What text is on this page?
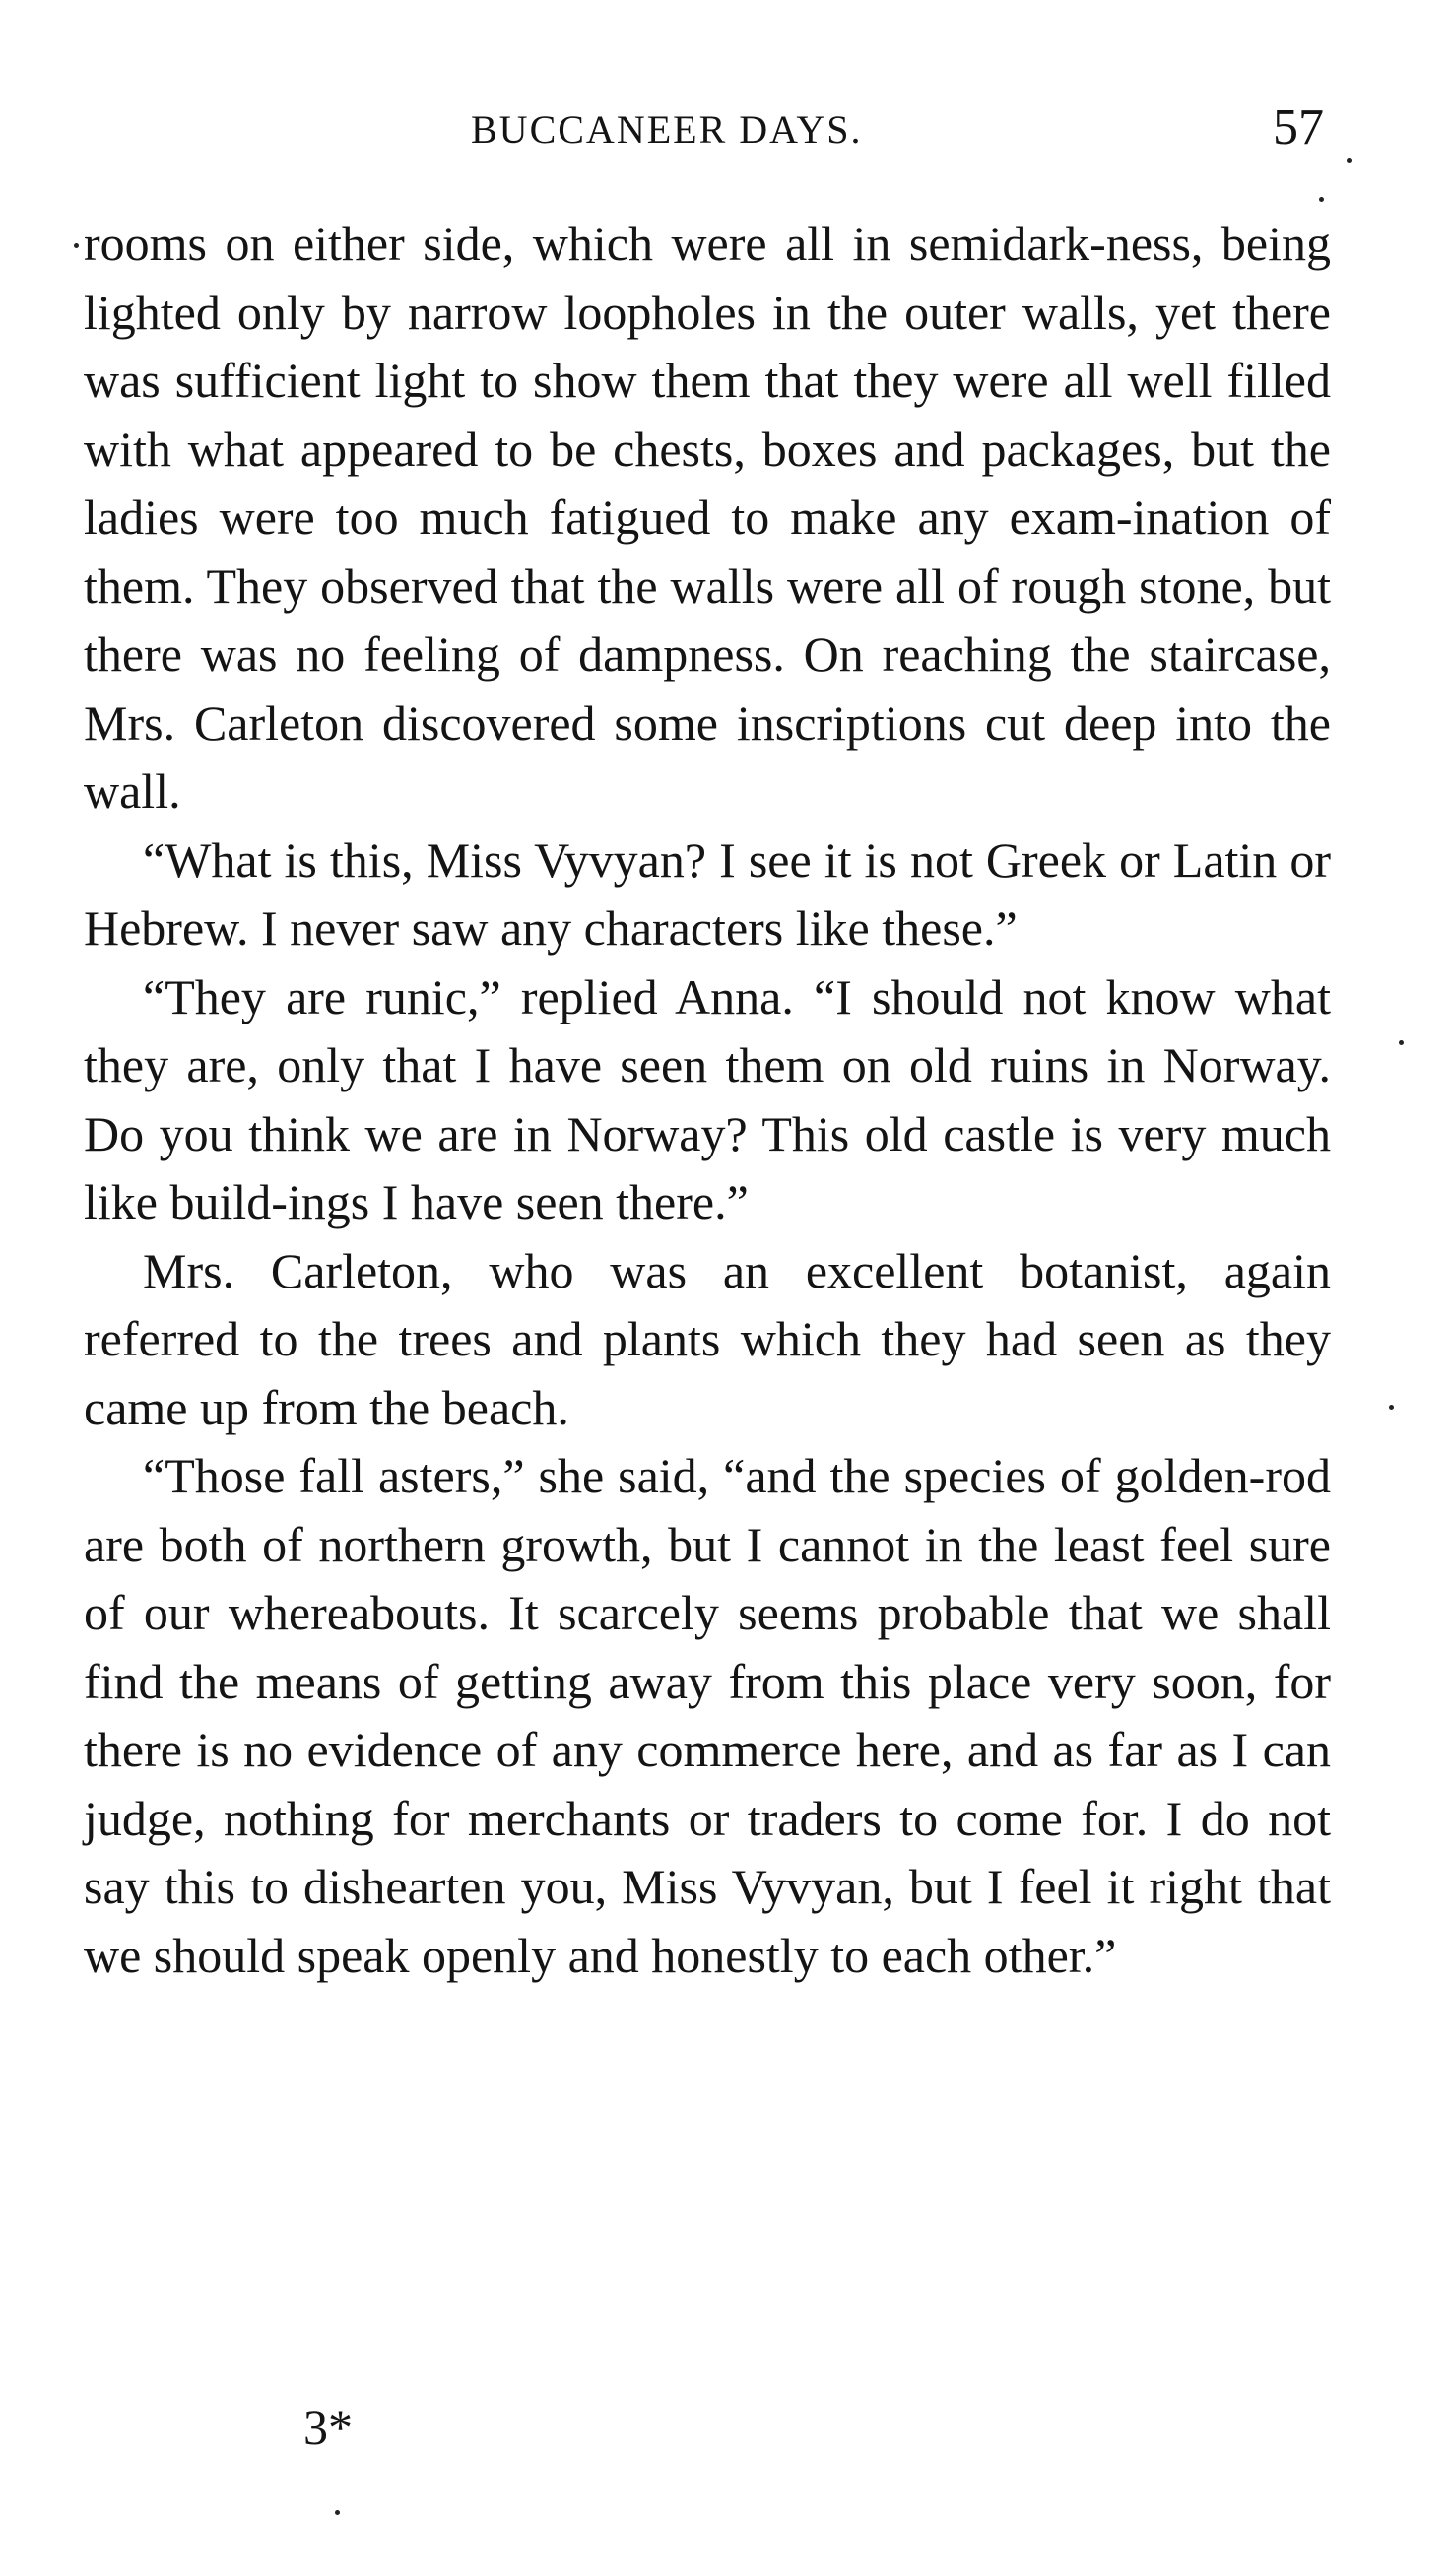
BUCCANEER DAYS.	57

rooms on either side, which were all in semidark-ness, being lighted only by narrow loopholes in the outer walls, yet there was sufficient light to show them that they were all well filled with what appeared to be chests, boxes and packages, but the ladies were too much fatigued to make any exam-ination of them. They observed that the walls were all of rough stone, but there was no feeling of dampness. On reaching the staircase, Mrs. Carleton discovered some inscriptions cut deep into the wall.

“What is this, Miss Vyvyan? I see it is not Greek or Latin or Hebrew. I never saw any characters like these.”

“They are runic,” replied Anna. “I should not know what they are, only that I have seen them on old ruins in Norway. Do you think we are in Norway? This old castle is very much like build-ings I have seen there.”

Mrs. Carleton, who was an excellent botanist, again referred to the trees and plants which they had seen as they came up from the beach.

“Those fall asters,” she said, “and the species of golden-rod are both of northern growth, but I cannot in the least feel sure of our whereabouts. It scarcely seems probable that we shall find the means of getting away from this place very soon, for there is no evidence of any commerce here, and as far as I can judge, nothing for merchants or traders to come for. I do not say this to dishearten you, Miss Vyvyan, but I feel it right that we should speak openly and honestly to each other.”

3*
